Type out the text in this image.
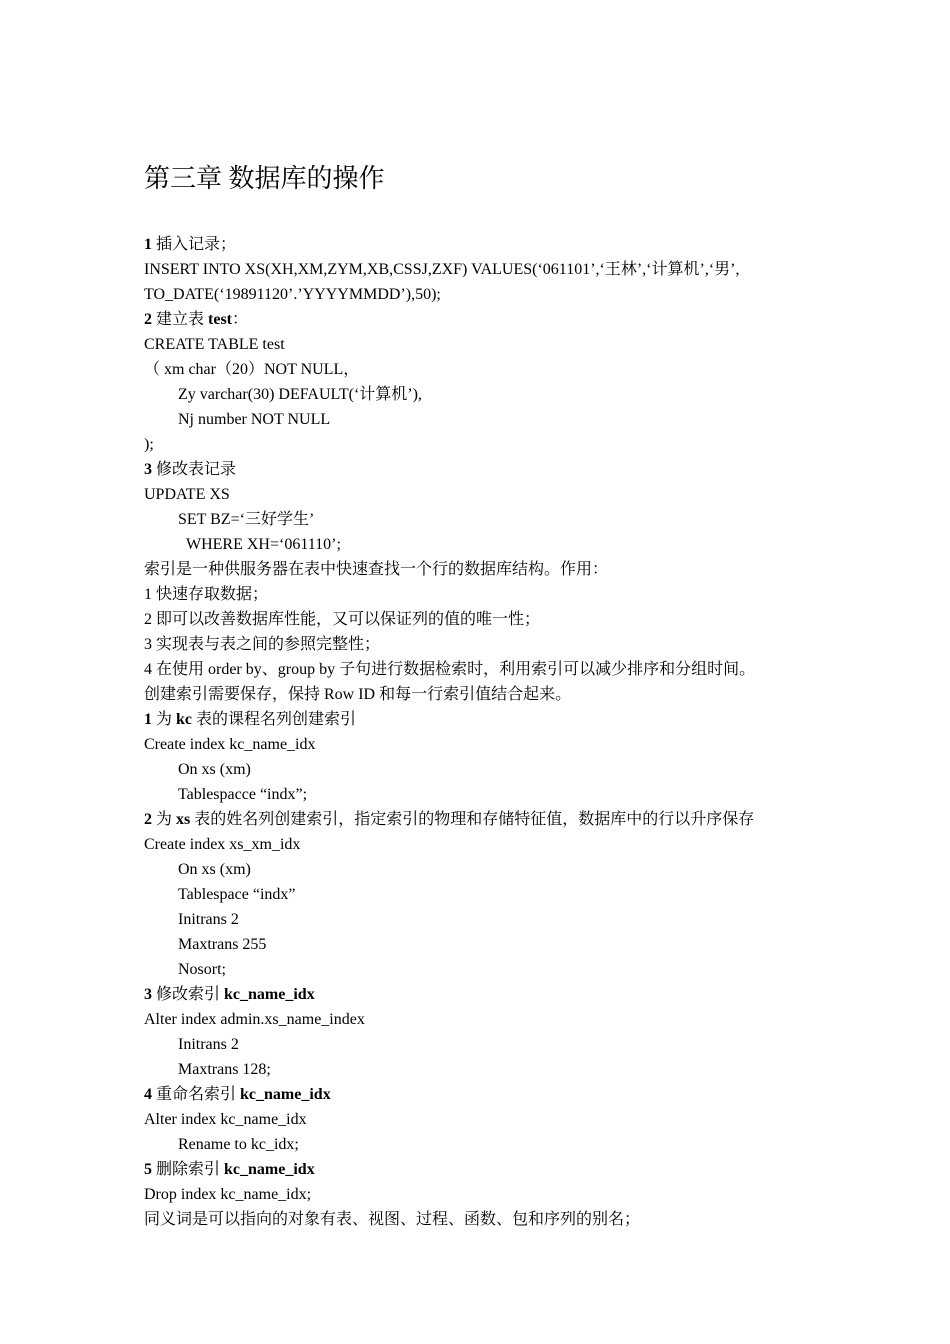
第三章 数据库的操作
1 插入记录；
INSERT INTO XS(XH,XM,ZYM,XB,CSSJ,ZXF) VALUES(‘061101’,‘王林’,‘计算机’,‘男’,
TO_DATE(‘19891120’.’YYYYMMDD’),50);
2 建立表 test：
CREATE TABLE test
（ xm char（20）NOT NULL，
Zy varchar(30) DEFAULT(‘计算机’),
Nj number NOT NULL
);
3 修改表记录
UPDATE XS
SET BZ=‘三好学生’
WHERE XH=‘061110’;
索引是一种供服务器在表中快速查找一个行的数据库结构。作用：
1 快速存取数据；
2 即可以改善数据库性能，又可以保证列的值的唯一性；
3 实现表与表之间的参照完整性；
4 在使用 order by、group by 子句进行数据检索时，利用索引可以减少排序和分组时间。
创建索引需要保存，保持 Row ID 和每一行索引值结合起来。
1 为 kc 表的课程名列创建索引
Create index kc_name_idx
On xs (xm)
Tablespacce “indx”;
2 为 xs 表的姓名列创建索引，指定索引的物理和存储特征值，数据库中的行以升序保存
Create index xs_xm_idx
On xs (xm)
Tablespace “indx”
Initrans 2
Maxtrans 255
Nosort;
3 修改索引 kc_name_idx
Alter index admin.xs_name_index
Initrans 2
Maxtrans 128;
4 重命名索引 kc_name_idx
Alter index kc_name_idx
Rename to kc_idx;
5 删除索引 kc_name_idx
Drop index kc_name_idx;
同义词是可以指向的对象有表、视图、过程、函数、包和序列的别名；
